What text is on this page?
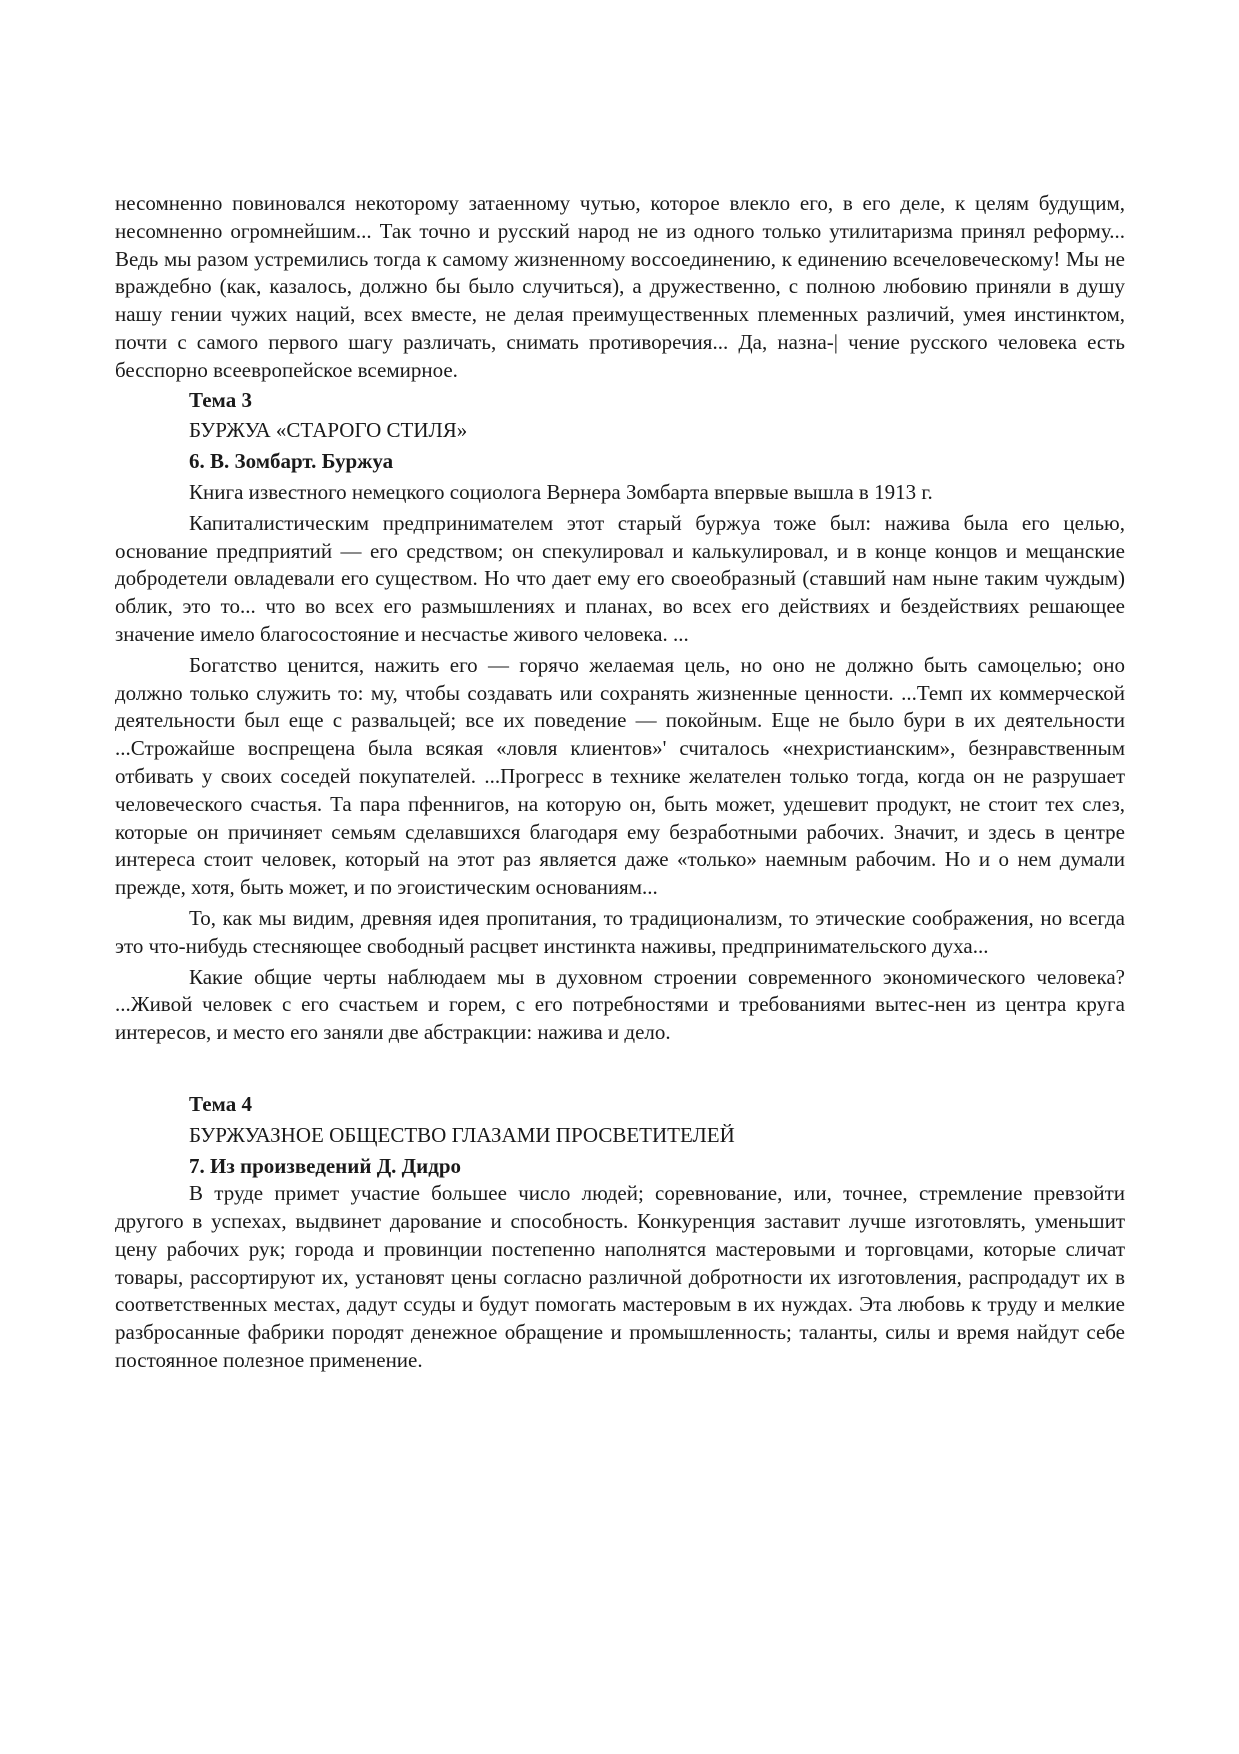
несомненно повиновался некоторому затаенному чутью, которое влекло его, в его деле, к целям будущим, несомненно огромнейшим... Так точно и русский народ не из одного только утилитаризма принял реформу... Ведь мы разом устремились тогда к самому жизненному воссоединению, к единению всечеловеческому! Мы не враждебно (как, казалось, должно бы было случиться), а дружественно, с полною любовию приняли в душу нашу гении чужих наций, всех вместе, не делая преимущественных племенных различий, умея инстинктом, почти с самого первого шагу различать, снимать противоречия... Да, назна-| чение русского человека есть бесспорно всеевропейское всемирное.

Тема 3
БУРЖУА «СТАРОГО СТИЛЯ»
6. В. Зомбарт. Буржуа

Книга известного немецкого социолога Вернера Зомбарта впервые вышла в 1913 г.

Капиталистическим предпринимателем этот старый буржуа тоже был: нажива была его целью, основание предприятий — его средством; он спекулировал и калькулировал, и в конце концов и мещанские добродетели овладевали его существом. Но что дает ему его своеобразный (ставший нам ныне таким чуждым) облик, это то... что во всех его размышлениях и планах, во всех его действиях и бездействиях решающее значение имело благосостояние и несчастье живого человека. ...

Богатство ценится, нажить его — горячо желаемая цель, но оно не должно быть самоцелью; оно должно только служить то: му, чтобы создавать или сохранять жизненные ценности. ...Темп их коммерческой деятельности был еще с развальцей; все их поведение — покойным. Еще не было бури в их деятельности ...Строжайше воспрещена была всякая «ловля клиентов»' считалось «нехристианским», безнравственным отбивать у своих соседей покупателей. ...Прогресс в технике желателен только тогда, когда он не разрушает человеческого счастья. Та пара пфеннигов, на которую он, быть может, удешевит продукт, не стоит тех слез, которые он причиняет семьям сделавшихся благодаря ему безработными рабочих. Значит, и здесь в центре интереса стоит человек, который на этот раз является даже «только» наемным рабочим. Но и о нем думали прежде, хотя, быть может, и по эгоистическим основаниям...

То, как мы видим, древняя идея пропитания, то традиционализм, то этические соображения, но всегда это что-нибудь стесняющее свободный расцвет инстинкта наживы, предпринимательского духа...

Какие общие черты наблюдаем мы в духовном строении современного экономического человека? ...Живой человек с его счастьем и горем, с его потребностями и требованиями вытес-нен из центра круга интересов, и место его заняли две абстракции: нажива и дело.

Тема 4
БУРЖУАЗНОЕ ОБЩЕСТВО ГЛАЗАМИ ПРОСВЕТИТЕЛЕЙ
7. Из произведений Д. Дидро

В труде примет участие большее число людей; соревнование, или, точнее, стремление превзойти другого в успехах, выдвинет дарование и способность. Конкуренция заставит лучше изготовлять, уменьшит цену рабочих рук; города и провинции постепенно наполнятся мастеровыми и торговцами, которые сличат товары, рассортируют их, установят цены согласно различной добротности их изготовления, распродадут их в соответственных местах, дадут ссуды и будут помогать мастеровым в их нуждах. Эта любовь к труду и мелкие разбросанные фабрики породят денежное обращение и промышленность; таланты, силы и время найдут себе постоянное полезное применение.
